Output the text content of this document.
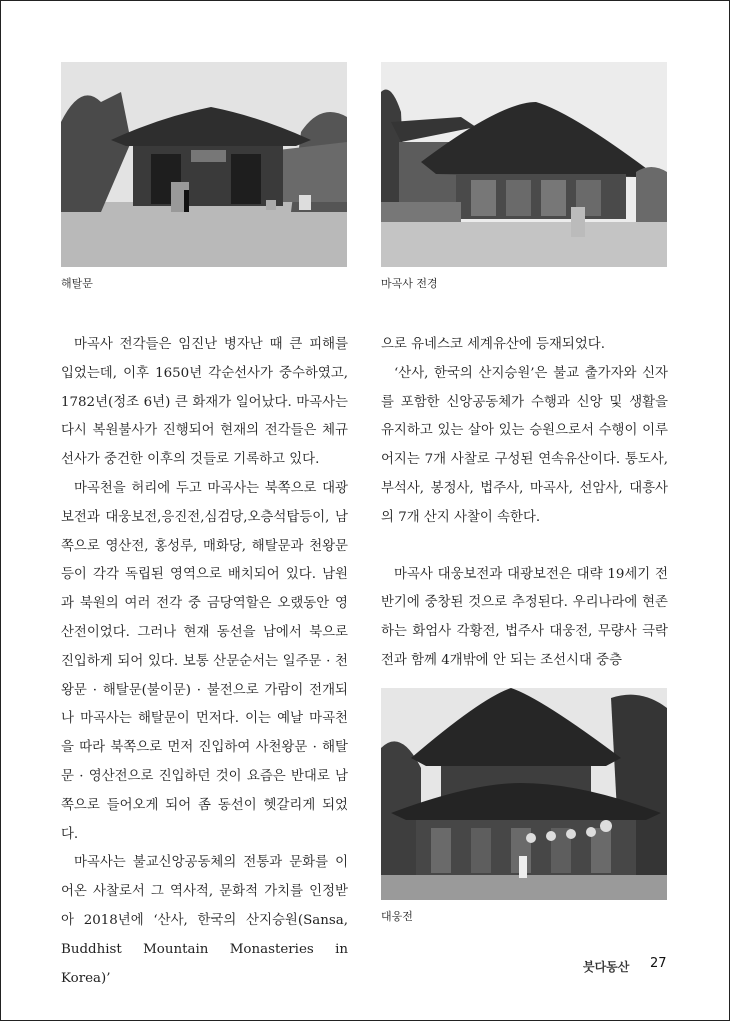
해탈문	마곡사 전경

마곡사 전각들은 임진난 병자난 때 큰 피해를 입었는데, 이후 1650년 각순선사가 중수하였고, 1782년(정조 6년) 큰 화재가 일어났다. 마곡사는 다시 복원불사가 진행되어 현재의 전각들은 체규선사가 중건한 이후의 것들로 기록하고 있다.

마곡천을 허리에 두고 마곡사는 북쪽으로 대광보전과 대웅보전,응진전,심검당,오층석탑등이, 남쪽으로 영산전, 홍성루, 매화당, 해탈문과 천왕문 등이 각각 독립된 영역으로 배치되어 있다. 남원과 북원의 여러 전각 중 금당역할은 오랬동안 영산전이었다. 그러나 현재 동선을 남에서 북으로 진입하게 되어 있다. 보통 산문순서는 일주문 · 천왕문 · 해탈문(불이문) · 불전으로 가람이 전개되나 마곡사는 해탈문이 먼저다. 이는 예날 마곡천을 따라 북쪽으로 먼저 진입하여 사천왕문 · 해탈문 · 영산전으로 진입하던 것이 요즘은 반대로 남쪽으로 들어오게 되어 좀 동선이 헷갈리게 되었다.

마곡사는 불교신앙공동체의 전통과 문화를 이어온 사찰로서 그 역사적, 문화적 가치를 인정받아 2018년에 ‘산사, 한국의 산지승원(Sansa, Buddhist Mountain Monasteries in Korea)’

으로 유네스코 세계유산에 등재되었다.

‘산사, 한국의 산지승원’은 불교 출가자와 신자를 포함한 신앙공동체가 수행과 신앙 및 생활을 유지하고 있는 살아 있는 승원으로서 수행이 이루어지는 7개 사찰로 구성된 연속유산이다. 통도사, 부석사, 봉정사, 법주사, 마곡사, 선암사, 대흥사의 7개 산지 사찰이 속한다.

마곡사 대웅보전과 대광보전은 대략 19세기 전반기에 중창된 것으로 추정된다. 우리나라에 현존하는 화엄사 각황전, 법주사 대웅전, 무량사 극락전과 함께 4개밖에 안 되는 조선시대 중층

대웅전
붓다동산 27
